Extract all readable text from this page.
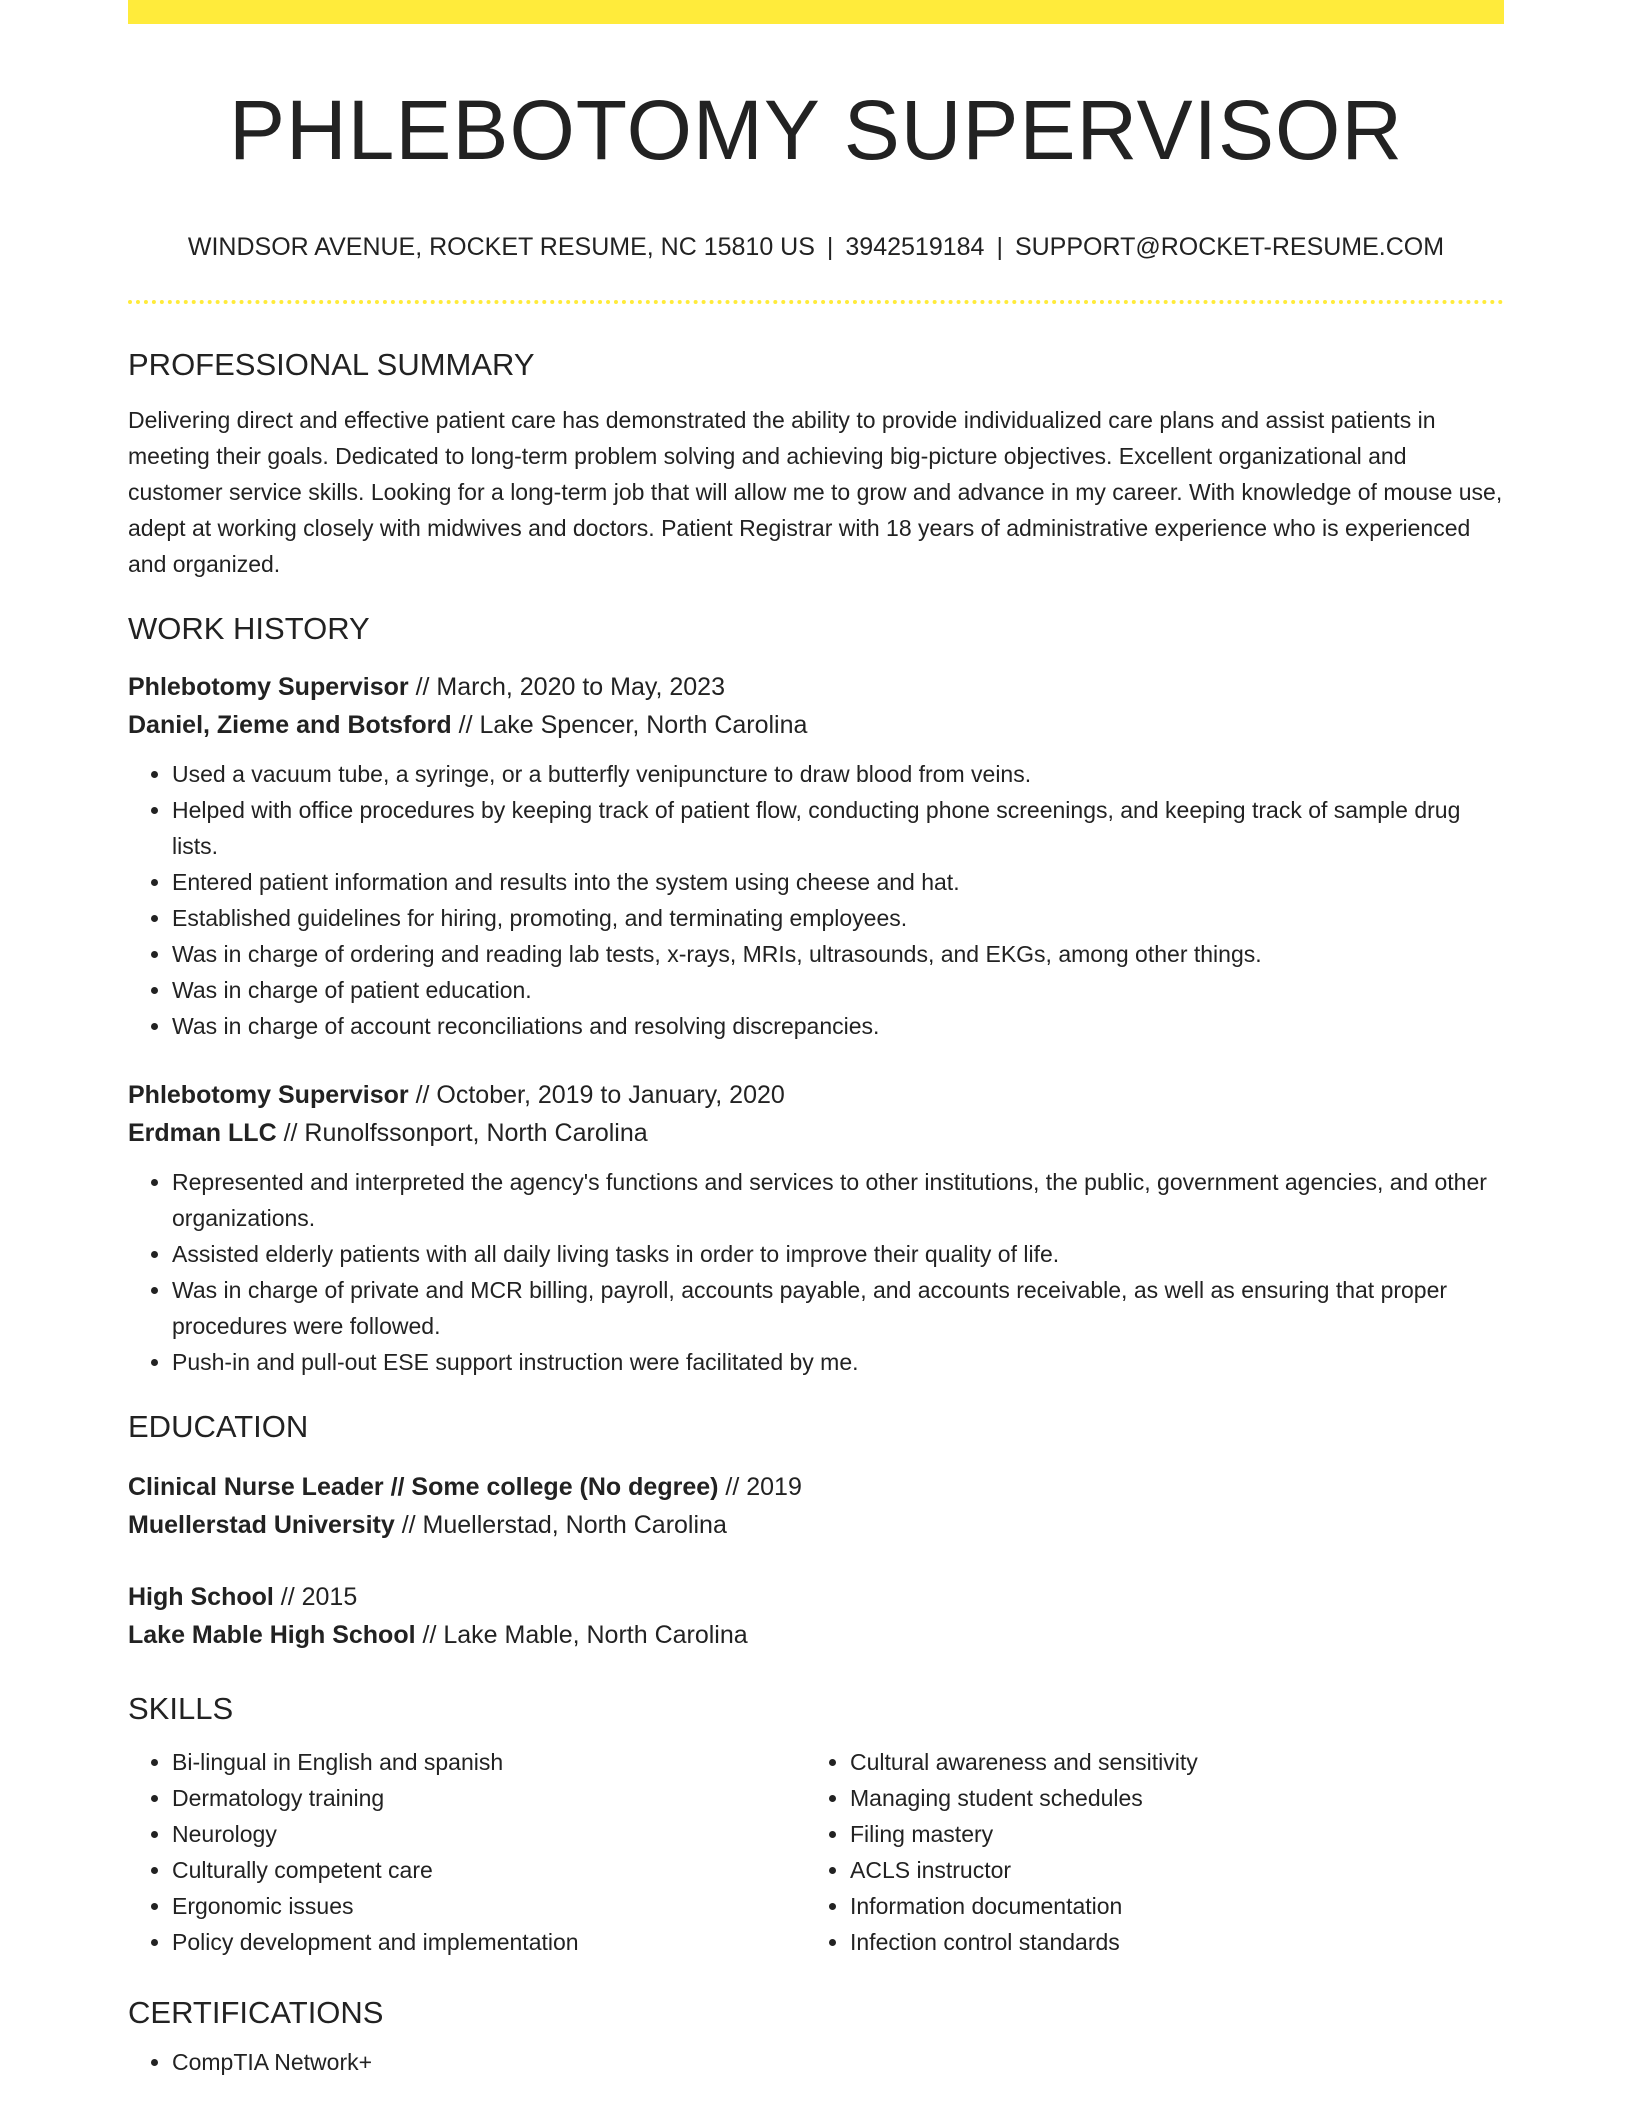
PHLEBOTOMY SUPERVISOR
WINDSOR AVENUE, ROCKET RESUME, NC 15810 US | 3942519184 | SUPPORT@ROCKET-RESUME.COM
PROFESSIONAL SUMMARY
Delivering direct and effective patient care has demonstrated the ability to provide individualized care plans and assist patients in meeting their goals. Dedicated to long-term problem solving and achieving big-picture objectives. Excellent organizational and customer service skills. Looking for a long-term job that will allow me to grow and advance in my career. With knowledge of mouse use, adept at working closely with midwives and doctors. Patient Registrar with 18 years of administrative experience who is experienced and organized.
WORK HISTORY
Phlebotomy Supervisor // March, 2020 to May, 2023
Daniel, Zieme and Botsford // Lake Spencer, North Carolina
• Used a vacuum tube, a syringe, or a butterfly venipuncture to draw blood from veins.
• Helped with office procedures by keeping track of patient flow, conducting phone screenings, and keeping track of sample drug lists.
• Entered patient information and results into the system using cheese and hat.
• Established guidelines for hiring, promoting, and terminating employees.
• Was in charge of ordering and reading lab tests, x-rays, MRIs, ultrasounds, and EKGs, among other things.
• Was in charge of patient education.
• Was in charge of account reconciliations and resolving discrepancies.
Phlebotomy Supervisor // October, 2019 to January, 2020
Erdman LLC // Runolfssonport, North Carolina
• Represented and interpreted the agency's functions and services to other institutions, the public, government agencies, and other organizations.
• Assisted elderly patients with all daily living tasks in order to improve their quality of life.
• Was in charge of private and MCR billing, payroll, accounts payable, and accounts receivable, as well as ensuring that proper procedures were followed.
• Push-in and pull-out ESE support instruction were facilitated by me.
EDUCATION
Clinical Nurse Leader // Some college (No degree) // 2019
Muellerstad University // Muellerstad, North Carolina
High School // 2015
Lake Mable High School // Lake Mable, North Carolina
SKILLS
• Bi-lingual in English and spanish
• Dermatology training
• Neurology
• Culturally competent care
• Ergonomic issues
• Policy development and implementation
• Cultural awareness and sensitivity
• Managing student schedules
• Filing mastery
• ACLS instructor
• Information documentation
• Infection control standards
CERTIFICATIONS
• CompTIA Network+
